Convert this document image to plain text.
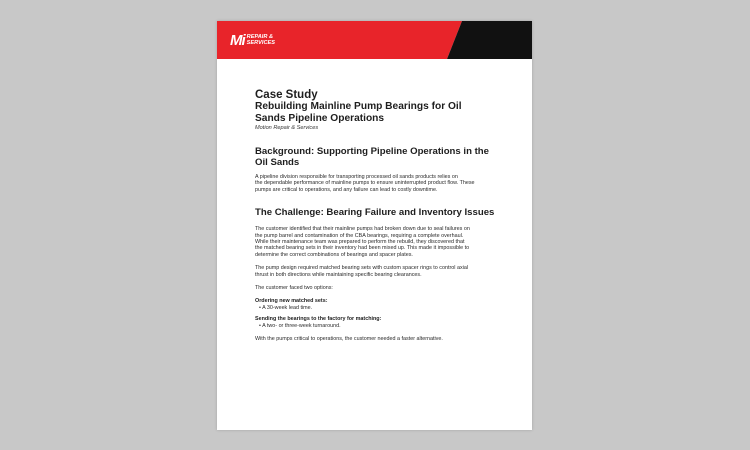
Mi REPAIR &
SERVICES
Case Study
Rebuilding Mainline Pump Bearings for Oil
Sands Pipeline Operations
Motion Repair & Services
Background: Supporting Pipeline Operations in the
Oil Sands
A pipeline division responsible for transporting processed oil sands products relies on
the dependable performance of mainline pumps to ensure uninterrupted product flow. These
pumps are critical to operations, and any failure can lead to costly downtime.
The Challenge: Bearing Failure and Inventory Issues
The customer identified that their mainline pumps had broken down due to seal failures on
the pump barrel and contamination of the CBA bearings, requiring a complete overhaul.
While their maintenance team was prepared to perform the rebuild, they discovered that
the matched bearing sets in their inventory had been mixed up. This made it impossible to
determine the correct combinations of bearings and spacer plates.
The pump design required matched bearing sets with custom spacer rings to control axial
thrust in both directions while maintaining specific bearing clearances.
The customer faced two options:
Ordering new matched sets:
• A 30-week lead time.
Sending the bearings to the factory for matching:
• A two- or three-week turnaround.
With the pumps critical to operations, the customer needed a faster alternative.
